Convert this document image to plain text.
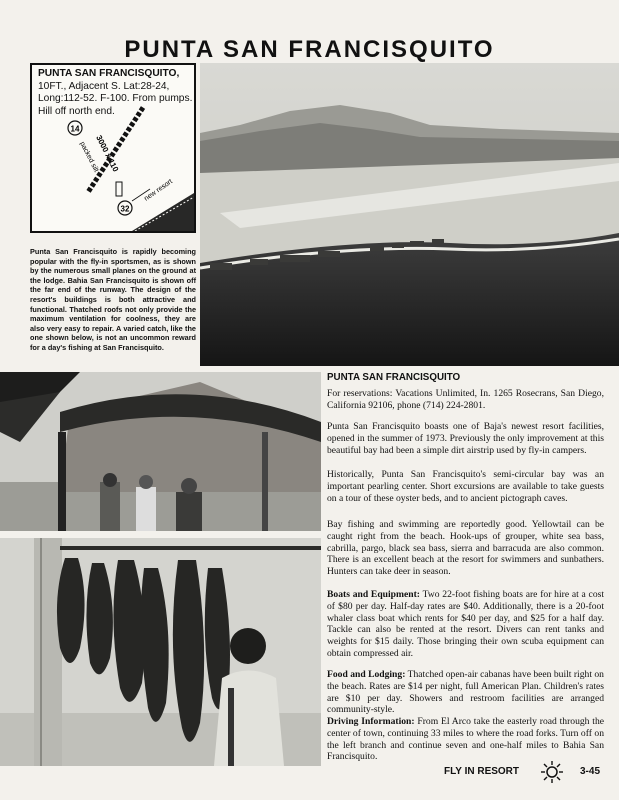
PUNTA SAN FRANCISQUITO
PUNTA SAN FRANCISQUITO,
10FT., Adjacent S. Lat:28-24, Long:112-52. F-100. From pumps. Hill off north end.
14
32
3000 x 110
packed silt
new resort
Punta San Francisquito is rapidly becoming popular with the fly-in sportsmen, as is shown by the numerous small planes on the ground at the lodge. Bahia San Francisquito is shown off the far end of the runway. The design of the resort's buildings is both attractive and functional. Thatched roofs not only provide the maximum ventilation for coolness, they are also very easy to repair. A varied catch, like the one shown below, is not an uncommon reward for a day's fishing at San Francisquito.
PUNTA SAN FRANCISQUITO

For reservations: Vacations Unlimited, In. 1265 Rosecrans, San Diego, California 92106, phone (714) 224-2801.

Punta San Francisquito boasts one of Baja's newest resort facilities, opened in the summer of 1973. Previously the only improvement at this beautiful bay had been a simple dirt airstrip used by fly-in campers.

Historically, Punta San Francisquito's semi-circular bay was an important pearling center. Short excursions are available to take guests on a tour of these oyster beds, and to ancient pictograph caves.

Bay fishing and swimming are reportedly good. Yellowtail can be caught right from the beach. Hook-ups of grouper, white sea bass, cabrilla, pargo, black sea bass, sierra and barracuda are also common. There is an excellent beach at the resort for swimmers and sunbathers. Hunters can take deer in season.

Boats and Equipment: Two 22-foot fishing boats are for hire at a cost of $80 per day. Half-day rates are $40. Additionally, there is a 20-foot whaler class boat which rents for $40 per day, and $25 for a half day. Tackle can also be rented at the resort. Divers can rent tanks and weights for $15 daily. Those bringing their own scuba equipment can obtain compressed air.

Food and Lodging: Thatched open-air cabanas have been built right on the beach. Rates are $14 per night, full American Plan. Children's rates are $10 per day. Showers and restroom facilities are arranged community-style.

Driving Information: From El Arco take the easterly road through the center of town, continuing 33 miles to where the road forks. Turn off on the left branch and continue seven and one-half miles to Bahia San Francisquito.

FLY IN RESORT	3-45
